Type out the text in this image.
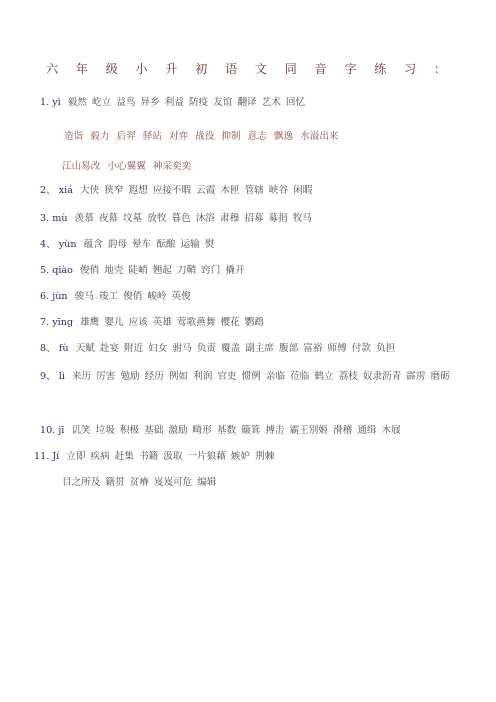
六 年 级 小 升 初 语 文 同 音 字 练 习 ：
1. yì 毅然 屹立 益鸟 异乡 利益 防疫 友谊 翻译 艺术 回忆
造诣 毅力 后羿 驿站 对弈 战役 抑制 意志 飘逸 水溢出来
江山易改 小心翼翼 神采奕奕
2、 xiá 大侠 狭窄 遐想 应接不暇 云霞 木匣 管辖 峡谷 闲暇
3. mù 羡慕 夜幕 坟墓 放牧 暮色 沐浴 肃穆 招募 募捐 牧马
4、 yùn 蕴含 韵母 晕车 酝酿 运输 熨
5. qiào 俊俏 地壳 陡峭 翘起 刀鞘 窍门 撬开
6. jùn 骏马 竣工 俊俏 峻岭 英俊
7. yīng 雄鹰 婴儿 应该 英雄 莺歌燕舞 樱花 鹦鹉
8、 fù 天赋 赴宴 附近 妇女 驸马 负责 覆盖 副主席 腹部 富裕 师傅 付款 负担
9、 lì 来历 厉害 勉励 经历 例如 利润 官吏 惯例 亲临 莅临 鹤立 荔枝 奴隶沥青 霹雳 磨砺
10. jī 讥笑 垃圾 积极 基础 激励 畸形 基数 簸箕 搏击 霸王别姬 滑稽 通缉 木屐
11. Jí 立即 疾病 赶集 书籍 汲取 一片狼藉 嫉妒 荆棘
目之所及 籍贯 贫瘠 岌岌可危 编辑
